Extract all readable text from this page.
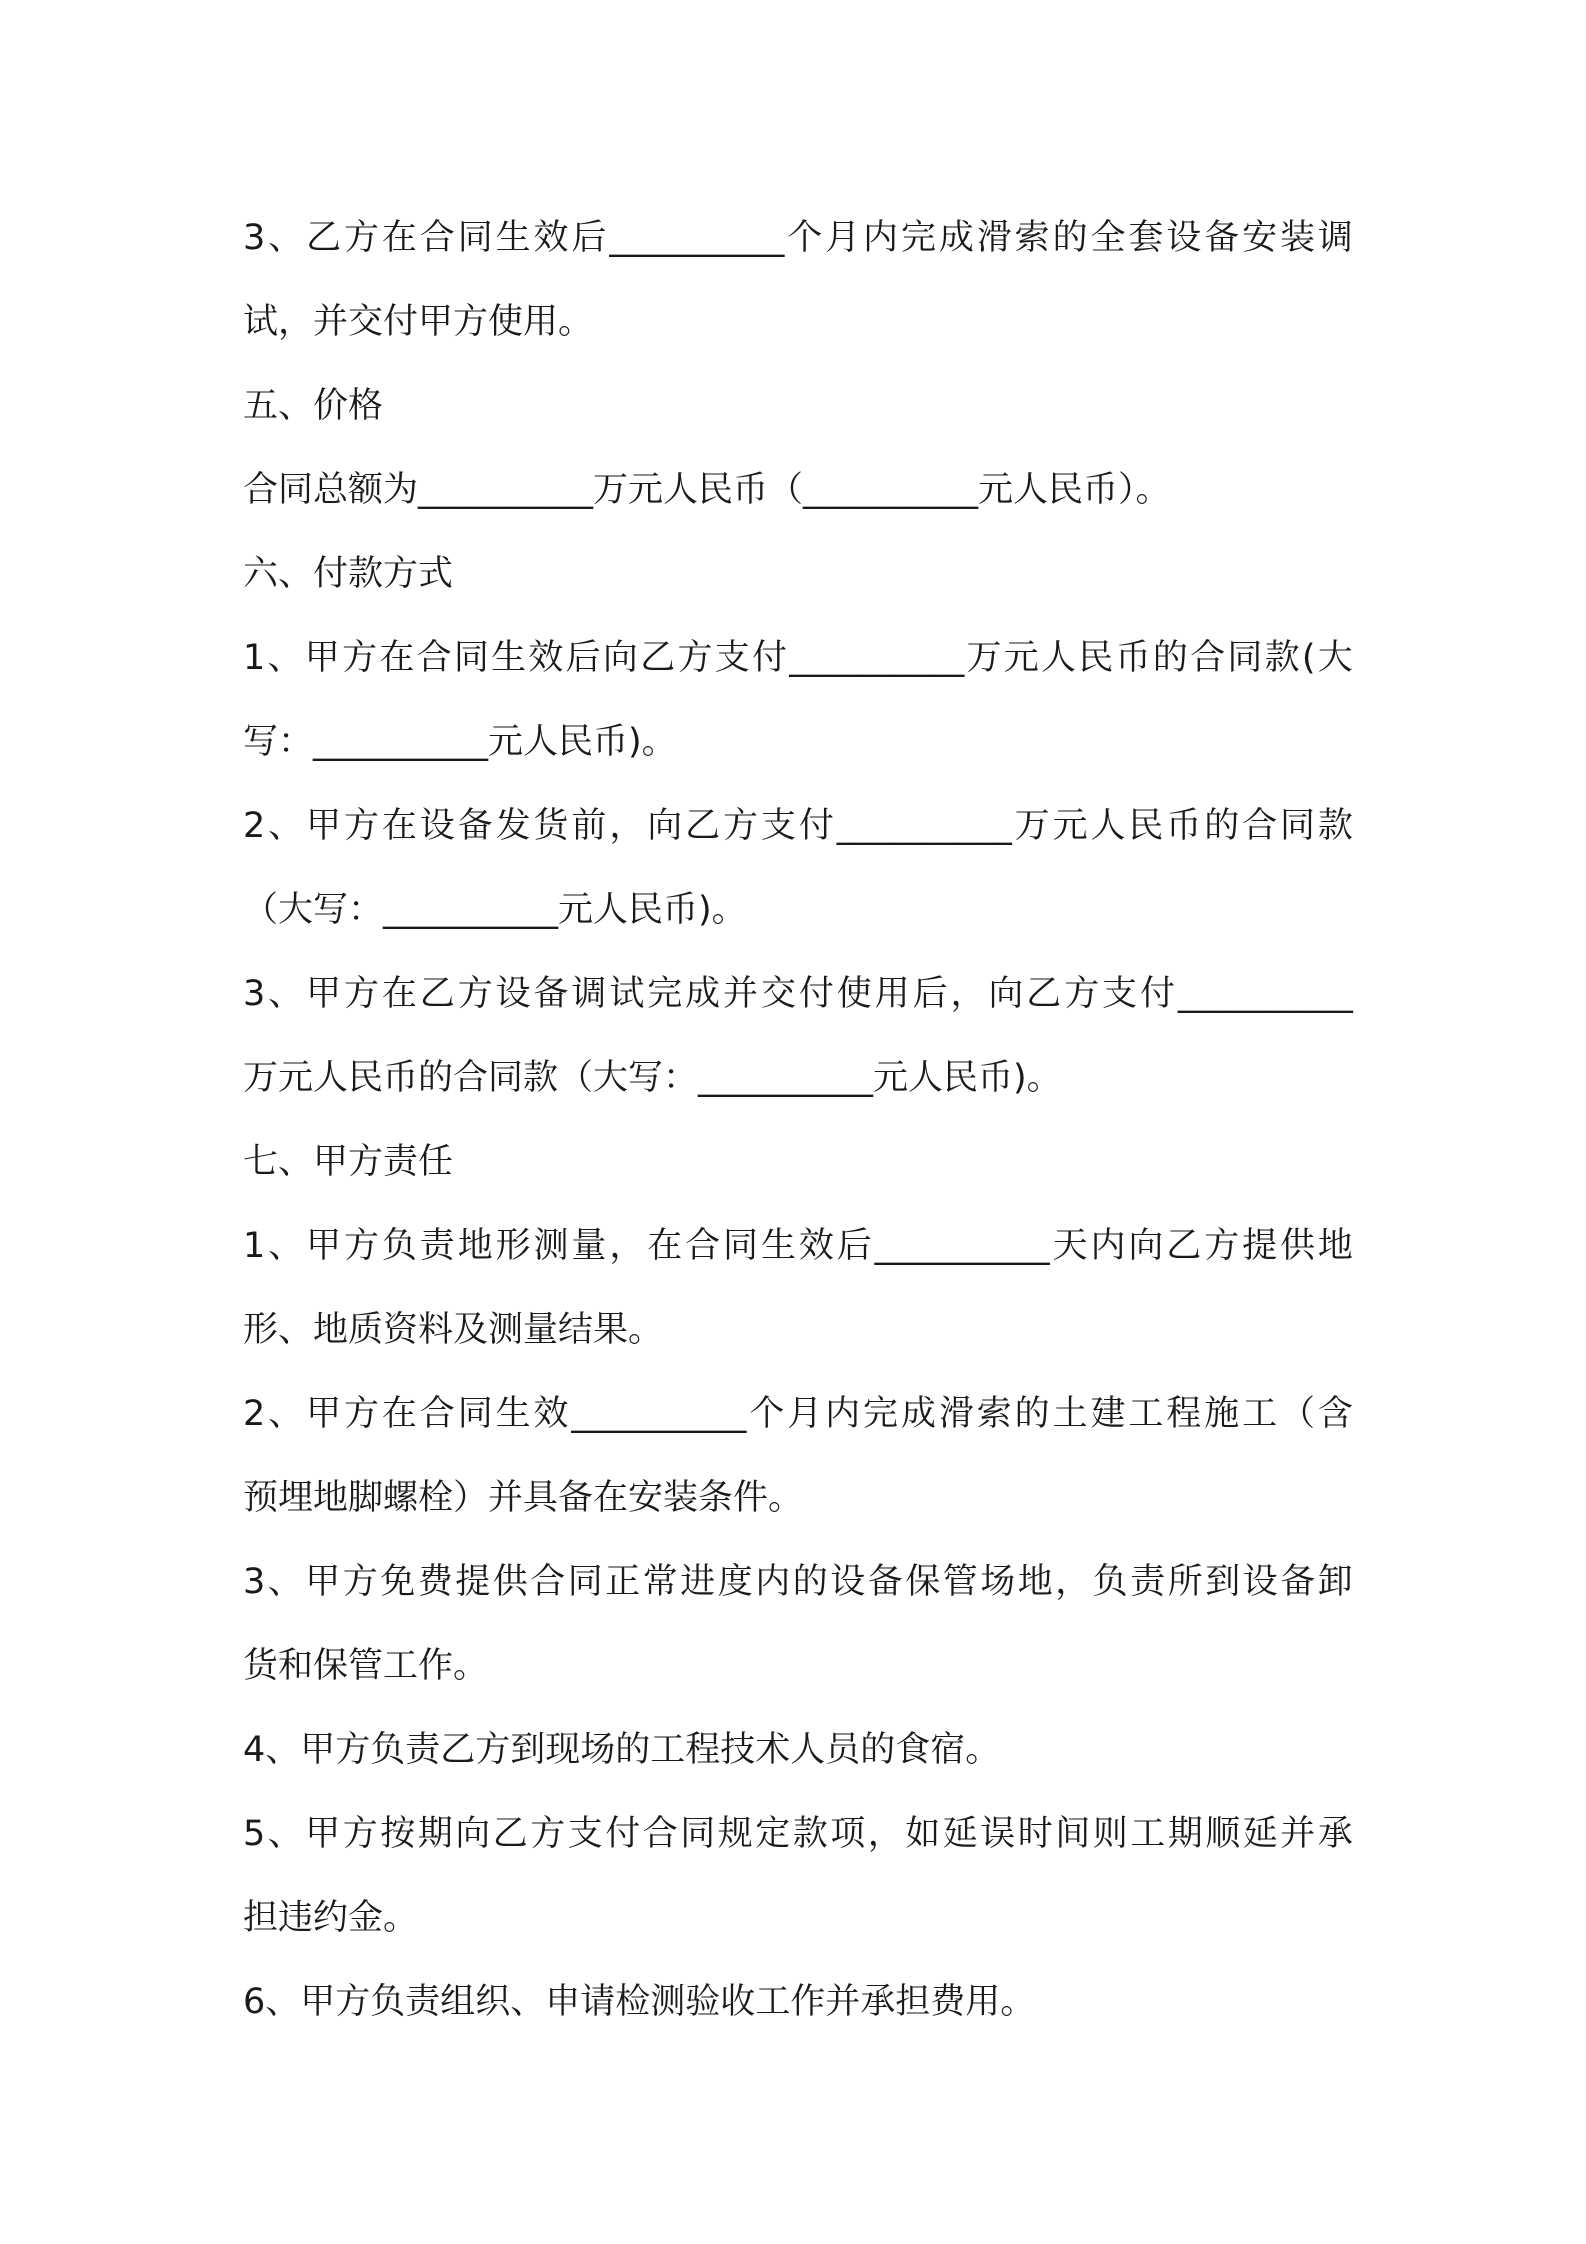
3 、 乙 方 在 合 同 生 效 后 __________ 个 月 内 完 成 滑 索 的 全 套 设 备 安 装 调
试，并交付甲方使用。
五、价格
合同总额为__________万元人民币（__________元人民币）。
六、付款方式
1 、 甲 方 在 合 同 生 效 后 向 乙 方 支 付 __________ 万 元 人 民 币 的 合 同 款 ( 大
写：__________元人民币)。
2 、 甲 方 在 设 备 发 货 前 ， 向 乙 方 支 付 __________ 万 元 人 民 币 的 合 同 款
（大写：__________元人民币)。
3 、 甲 方 在 乙 方 设 备 调 试 完 成 并 交 付 使 用 后 ， 向 乙 方 支 付 __________
万元人民币的合同款（大写：__________元人民币)。
七、甲方责任
1 、 甲 方 负 责 地 形 测 量 ， 在 合 同 生 效 后 __________ 天 内 向 乙 方 提 供 地
形、地质资料及测量结果。
2 、 甲 方 在 合 同 生 效 __________ 个 月 内 完 成 滑 索 的 土 建 工 程 施 工 （ 含
预埋地脚螺栓）并具备在安装条件。
3 、 甲 方 免 费 提 供 合 同 正 常 进 度 内 的 设 备 保 管 场 地 ， 负 责 所 到 设 备 卸
货和保管工作。
4、甲方负责乙方到现场的工程技术人员的食宿。
5 、 甲 方 按 期 向 乙 方 支 付 合 同 规 定 款 项 ， 如 延 误 时 间 则 工 期 顺 延 并 承
担违约金。
6、甲方负责组织、申请检测验收工作并承担费用。
